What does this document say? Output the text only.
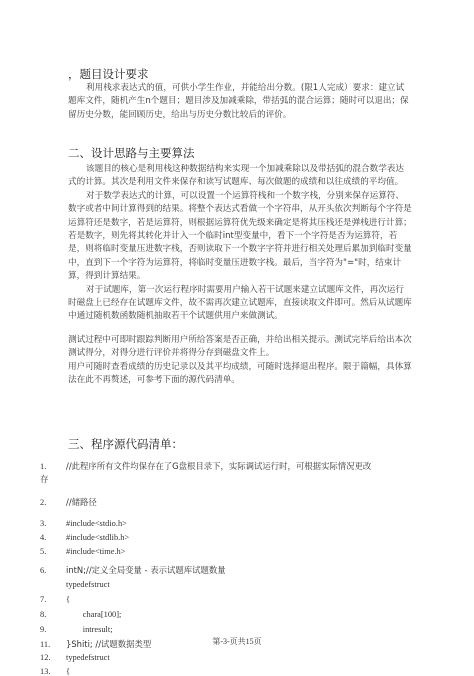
，题目设计要求

利用栈求表达式的值，可供小学生作业，并能给出分数。(限1人完成）要求：建立试题库文件，随机产生n个题目；题目涉及加减乘除，带括弧的混合运算；随时可以退出；保留历史分数，能回顾历史，给出与历史分数比较后的评价。

二、设计思路与主要算法

该题目的核心是利用栈这种数据结构来实现一个加减乘除以及带括弧的混合数学表达式的计算。其次是利用文件来保存和读写试题库、每次做题的成绩和以往成绩的平均值。

对于数学表达式的计算，可以设置一个运算符栈和一个数字栈，分别来保存运算符、数字或者中间计算得到的结果。将整个表达式看做一个字符串，从开头依次判断每个字符是运算符还是数字，若是运算符，则根据运算符优先级来确定是将其压栈还是弹栈进行计算；若是数字，则先将其转化并计入一个临时int型变量中，看下一个字符是否为运算符，若是，则将临时变量压进数字栈，否则读取下一个数字字符并进行相关处理后累加到临时变量中，直到下一个字符为运算符，将临时变量压进数字栈。最后，当字符为"="时，结束计算，得到计算结果。

对于试题库，第一次运行程序时需要用户输入若干试题来建立试题库文件，再次运行时磁盘上已经存在试题库文件，故不需再次建立试题库，直接读取文件即可。然后从试题库中通过随机数函数随机抽取若干个试题供用户来做测试。

测试过程中可即时跟踪判断用户所给答案是否正确，并给出相关提示。测试完毕后给出本次测试得分，对得分进行评价并将得分存到磁盘文件上。

用户可随时查看成绩的历史记录以及其平均成绩，可随时选择退出程序。限于篇幅，具体算法在此不再赘述，可参考下面的源代码清单。

三、程序源代码清单：
1. //此程序所有文件均保存在了G盘根目录下，实际调试运行时，可根据实际情况更改
存
2. //储路径
3. #include<stdio.h>
4. #include<stdlib.h>
5. #include<time.h>
6. intN;//定义全局变量 - 表示试题库试题数量
typedefstruct
7. {
8.        chara[100];
9.        intresult;
11. }Shiti; //试题数据类型
12. typedefstruct
13. {
第-3-页共15页
